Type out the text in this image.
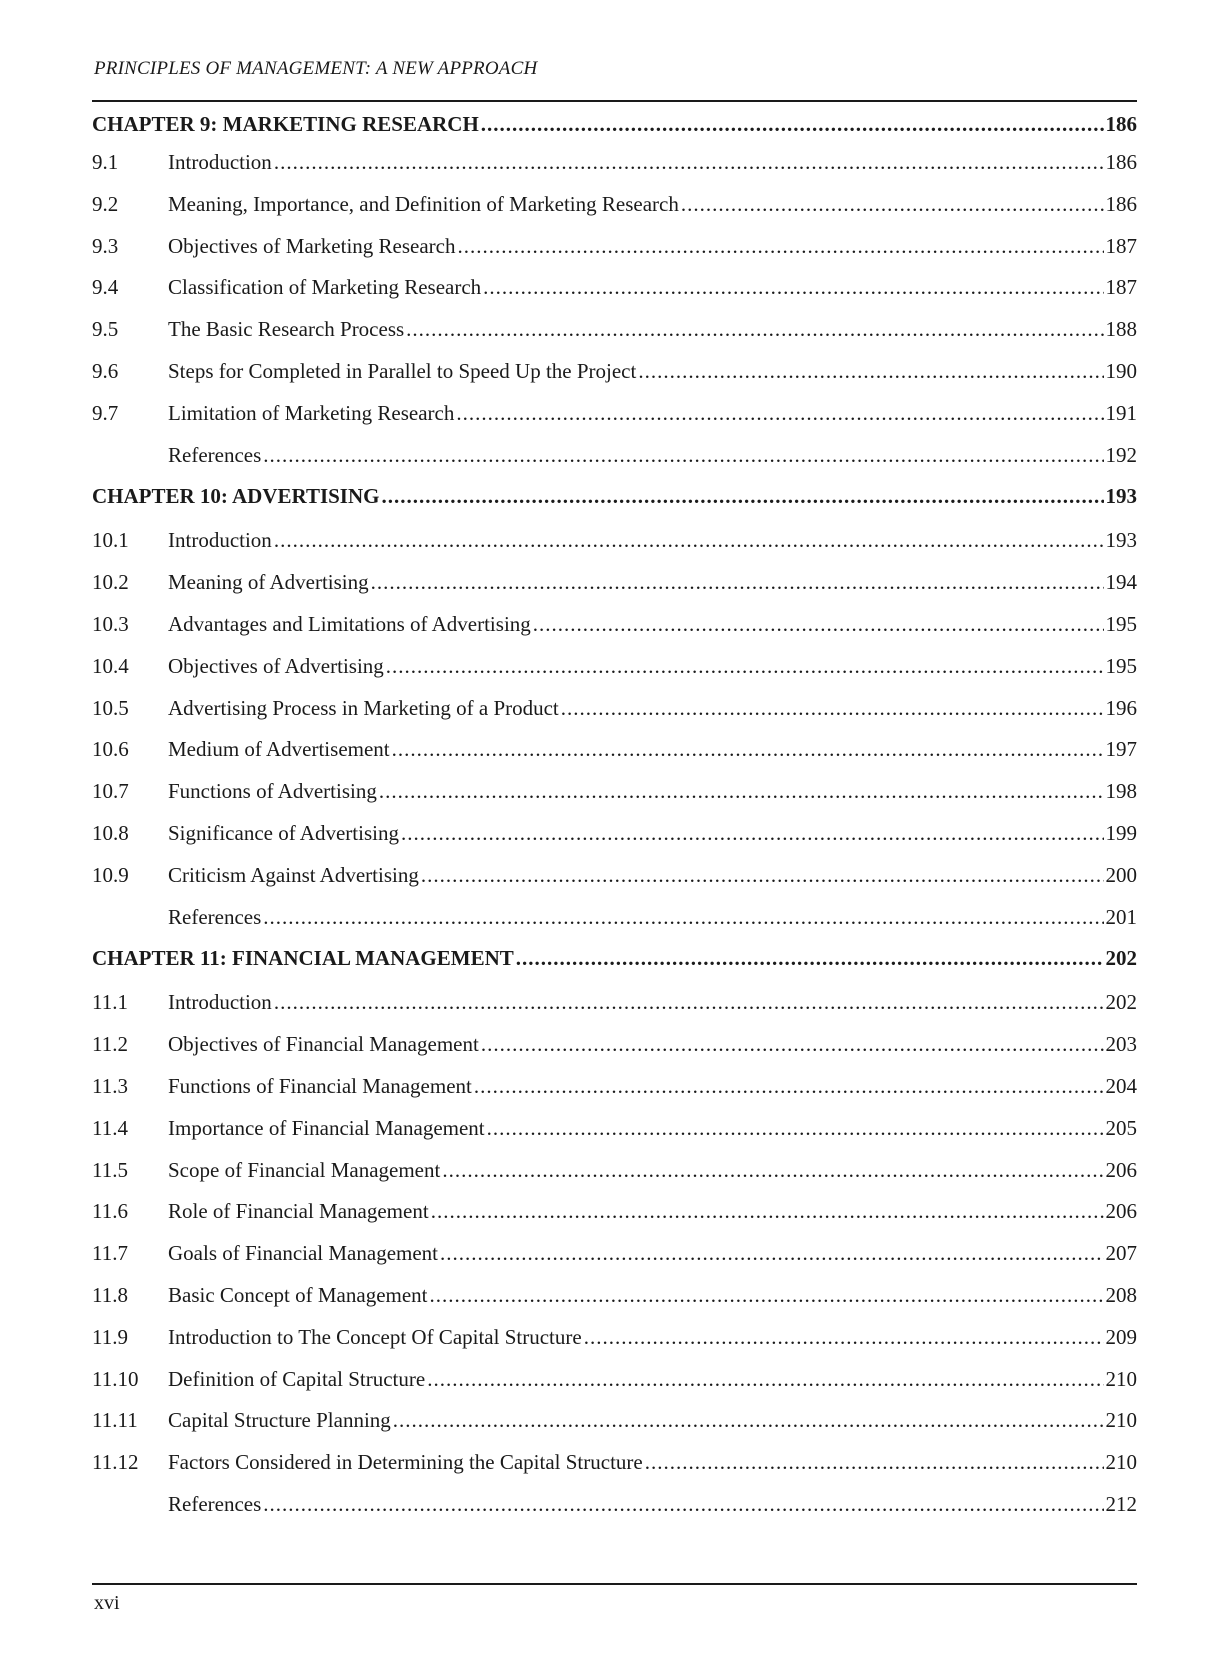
PRINCIPLES OF MANAGEMENT: A NEW APPROACH
CHAPTER 9: MARKETING RESEARCH .....	186
9.1	Introduction .....	186
9.2	Meaning, Importance, and Definition of Marketing Research .....	186
9.3	Objectives of Marketing Research .....	187
9.4	Classification of Marketing Research .....	187
9.5	The Basic Research Process .....	188
9.6	Steps for Completed in Parallel to Speed Up the Project .....	190
9.7	Limitation of Marketing Research .....	191
References .....	192
CHAPTER 10: ADVERTISING .....	193
10.1	Introduction .....	193
10.2	Meaning of Advertising .....	194
10.3	Advantages and Limitations of Advertising .....	195
10.4	Objectives of Advertising .....	195
10.5	Advertising Process in Marketing of a Product .....	196
10.6	Medium of Advertisement .....	197
10.7	Functions of Advertising .....	198
10.8	Significance of Advertising .....	199
10.9	Criticism Against Advertising .....	200
References .....	201
CHAPTER 11: FINANCIAL MANAGEMENT .....	202
11.1	Introduction .....	202
11.2	Objectives of Financial Management .....	203
11.3	Functions of Financial Management .....	204
11.4	Importance of Financial Management .....	205
11.5	Scope of Financial Management .....	206
11.6	Role of Financial Management .....	206
11.7	Goals of Financial Management .....	207
11.8	Basic Concept of Management .....	208
11.9	Introduction to The Concept Of Capital Structure .....	209
11.10	Definition of Capital Structure .....	210
11.11	Capital Structure Planning .....	210
11.12	Factors Considered in Determining the Capital Structure .....	210
References .....	212
xvi
